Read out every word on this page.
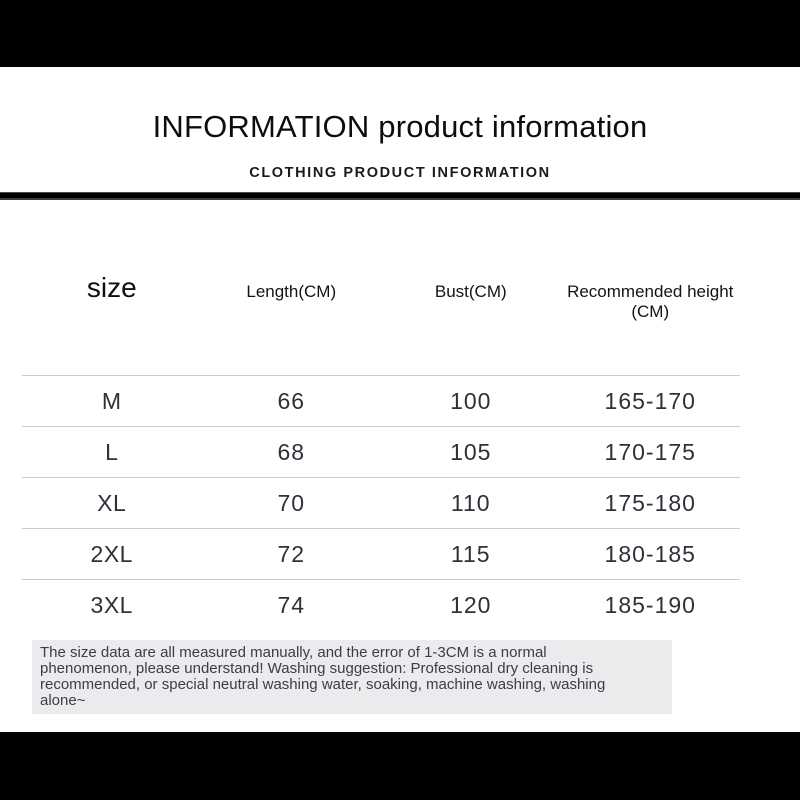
INFORMATION product information
CLOTHING PRODUCT INFORMATION
size	Length(CM)	Bust(CM)	Recommended height (CM)
M	66	100	165-170
L	68	105	170-175
XL	70	110	175-180
2XL	72	115	180-185
3XL	74	120	185-190
The size data are all measured manually, and the error of 1-3CM is a normal phenomenon, please understand! Washing suggestion: Professional dry cleaning is recommended, or special neutral washing water, soaking, machine washing, washing alone~
